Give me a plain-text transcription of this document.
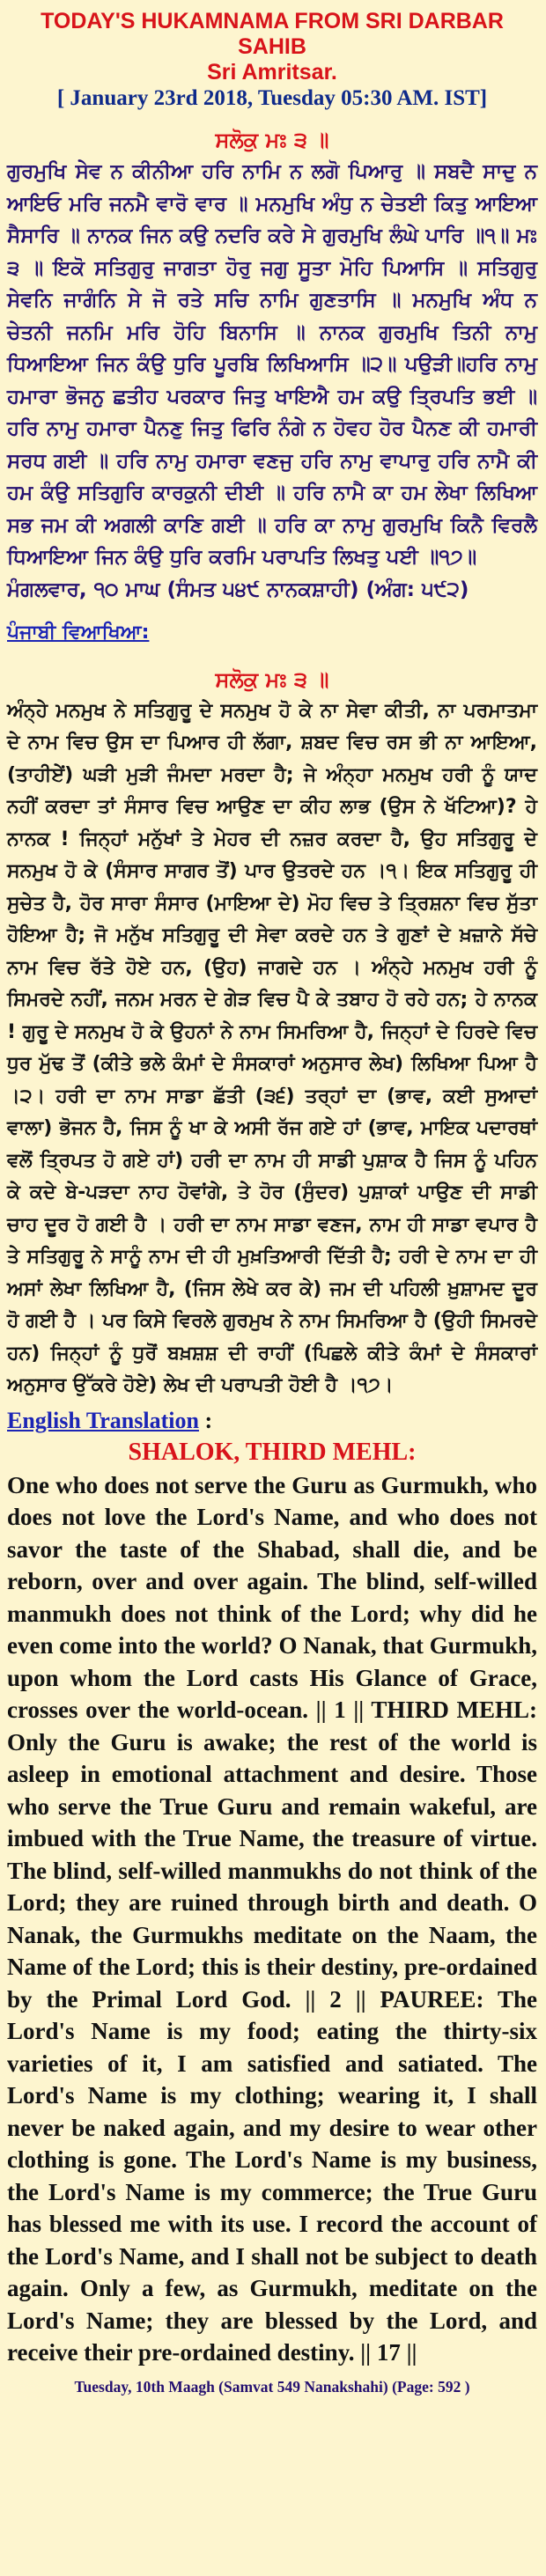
TODAY'S HUKAMNAMA FROM SRI DARBAR SAHIB
Sri Amritsar.
[ January 23rd 2018, Tuesday 05:30 AM. IST]
ਸਲੋਕੁ ਮਃ ੩ ॥
ਗੁਰਮੁਖਿ ਸੇਵ ਨ ਕੀਨੀਆ ਹਰਿ ਨਾਮਿ ਨ ਲਗੋ ਪਿਆਰੁ ॥ ਸਬਦੈ ਸਾਦੁ ਨ ਆਇਓ ਮਰਿ ਜਨਮੈ ਵਾਰੋ ਵਾਰ ॥ ਮਨਮੁਖਿ ਅੰਧੁ ਨ ਚੇਤਈ ਕਿਤੁ ਆਇਆ ਸੈਸਾਰਿ ॥ ਨਾਨਕ ਜਿਨ ਕਉ ਨਦਰਿ ਕਰੇ ਸੇ ਗੁਰਮੁਖਿ ਲੰਘੇ ਪਾਰਿ ॥੧॥ ਮਃ ੩ ॥ ਇਕੋ ਸਤਿਗੁਰੁ ਜਾਗਤਾ ਹੋਰੁ ਜਗੁ ਸੂਤਾ ਮੋਹਿ ਪਿਆਸਿ ॥ ਸਤਿਗੁਰੁ ਸੇਵਨਿ ਜਾਗੰਨਿ ਸੇ ਜੋ ਰਤੇ ਸਚਿ ਨਾਮਿ ਗੁਣਤਾਸਿ ॥ ਮਨਮੁਖਿ ਅੰਧ ਨ ਚੇਤਨੀ ਜਨਮਿ ਮਰਿ ਹੋਹਿ ਬਿਨਾਸਿ ॥ ਨਾਨਕ ਗੁਰਮੁਖਿ ਤਿਨੀ ਨਾਮੁ ਧਿਆਇਆ ਜਿਨ ਕੰਉ ਧੁਰਿ ਪੂਰਬਿ ਲਿਖਿਆਸਿ ॥੨॥ ਪਉੜੀ॥ਹਰਿ ਨਾਮੁ ਹਮਾਰਾ ਭੋਜਨੁ ਛਤੀਹ ਪਰਕਾਰ ਜਿਤੁ ਖਾਇਐ ਹਮ ਕਉ ਤ੍ਰਿਪਤਿ ਭਈ ॥ ਹਰਿ ਨਾਮੁ ਹਮਾਰਾ ਪੈਨਣੁ ਜਿਤੁ ਫਿਰਿ ਨੰਗੇ ਨ ਹੋਵਹ ਹੋਰ ਪੈਨਣ ਕੀ ਹਮਾਰੀ ਸਰਧ ਗਈ ॥ ਹਰਿ ਨਾਮੁ ਹਮਾਰਾ ਵਣਜੁ ਹਰਿ ਨਾਮੁ ਵਾਪਾਰੁ ਹਰਿ ਨਾਮੈ ਕੀ ਹਮ ਕੰਉ ਸਤਿਗੁਰਿ ਕਾਰਕੁਨੀ ਦੀਈ ॥ ਹਰਿ ਨਾਮੈ ਕਾ ਹਮ ਲੇਖਾ ਲਿਖਿਆ ਸਭ ਜਮ ਕੀ ਅਗਲੀ ਕਾਣਿ ਗਈ ॥ ਹਰਿ ਕਾ ਨਾਮੁ ਗੁਰਮੁਖਿ ਕਿਨੈ ਵਿਰਲੈ ਧਿਆਇਆ ਜਿਨ ਕੰਉ ਧੁਰਿ ਕਰਮਿ ਪਰਾਪਤਿ ਲਿਖਤੁ ਪਈ ॥੧੭॥
ਮੰਗਲਵਾਰ, ੧੦ ਮਾਘ (ਸੰਮਤ ੫੪੯ ਨਾਨਕਸ਼ਾਹੀ) (ਅੰਗ: ੫੯੨)
ਪੰਜਾਬੀ ਵਿਆਖਿਆ:
ਸਲੋਕੁ ਮਃ ੩ ॥
ਅੰਨ੍ਹੇ ਮਨਮੁਖ ਨੇ ਸਤਿਗੁਰੂ ਦੇ ਸਨਮੁਖ ਹੋ ਕੇ ਨਾ ਸੇਵਾ ਕੀਤੀ, ਨਾ ਪਰਮਾਤਮਾ ਦੇ ਨਾਮ ਵਿਚ ਉਸ ਦਾ ਪਿਆਰ ਹੀ ਲੱਗਾ, ਸ਼ਬਦ ਵਿਚ ਰਸ ਭੀ ਨਾ ਆਇਆ, (ਤਾਹੀਏਂ) ਘੜੀ ਮੁੜੀ ਜੰਮਦਾ ਮਰਦਾ ਹੈ; ਜੇ ਅੰਨ੍ਹਾ ਮਨਮੁਖ ਹਰੀ ਨੂੰ ਯਾਦ ਨਹੀਂ ਕਰਦਾ ਤਾਂ ਸੰਸਾਰ ਵਿਚ ਆਉਣ ਦਾ ਕੀਹ ਲਾਭ (ਉਸ ਨੇ ਖੱਟਿਆ)? ਹੇ ਨਾਨਕ ! ਜਿਨ੍ਹਾਂ ਮਨੁੱਖਾਂ ਤੇ ਮੇਹਰ ਦੀ ਨਜ਼ਰ ਕਰਦਾ ਹੈ, ਉਹ ਸਤਿਗੁਰੂ ਦੇ ਸਨਮੁਖ ਹੋ ਕੇ (ਸੰਸਾਰ ਸਾਗਰ ਤੋਂ) ਪਾਰ ਉਤਰਦੇ ਹਨ ।੧। ਇਕ ਸਤਿਗੁਰੂ ਹੀ ਸੁਚੇਤ ਹੈ, ਹੋਰ ਸਾਰਾ ਸੰਸਾਰ (ਮਾਇਆ ਦੇ) ਮੋਹ ਵਿਚ ਤੇ ਤ੍ਰਿਸ਼ਨਾ ਵਿਚ ਸੁੱਤਾ ਹੋਇਆ ਹੈ; ਜੋ ਮਨੁੱਖ ਸਤਿਗੁਰੂ ਦੀ ਸੇਵਾ ਕਰਦੇ ਹਨ ਤੇ ਗੁਣਾਂ ਦੇ ਖ਼ਜ਼ਾਨੇ ਸੱਚੇ ਨਾਮ ਵਿਚ ਰੱਤੇ ਹੋਏ ਹਨ, (ਉਹ) ਜਾਗਦੇ ਹਨ । ਅੰਨ੍ਹੇ ਮਨਮੁਖ ਹਰੀ ਨੂੰ ਸਿਮਰਦੇ ਨਹੀਂ, ਜਨਮ ਮਰਨ ਦੇ ਗੇੜ ਵਿਚ ਪੈ ਕੇ ਤਬਾਹ ਹੋ ਰਹੇ ਹਨ; ਹੇ ਨਾਨਕ ! ਗੁਰੂ ਦੇ ਸਨਮੁਖ ਹੋ ਕੇ ਉਹਨਾਂ ਨੇ ਨਾਮ ਸਿਮਰਿਆ ਹੈ, ਜਿਨ੍ਹਾਂ ਦੇ ਹਿਰਦੇ ਵਿਚ ਧੁਰ ਮੁੱਢ ਤੋਂ (ਕੀਤੇ ਭਲੇ ਕੰਮਾਂ ਦੇ ਸੰਸਕਾਰਾਂ ਅਨੁਸਾਰ ਲੇਖ) ਲਿਖਿਆ ਪਿਆ ਹੈ ।੨। ਹਰੀ ਦਾ ਨਾਮ ਸਾਡਾ ਛੱਤੀ (੩੬) ਤਰ੍ਹਾਂ ਦਾ (ਭਾਵ, ਕਈ ਸੁਆਦਾਂ ਵਾਲਾ) ਭੋਜਨ ਹੈ, ਜਿਸ ਨੂੰ ਖਾ ਕੇ ਅਸੀ ਰੱਜ ਗਏ ਹਾਂ (ਭਾਵ, ਮਾਇਕ ਪਦਾਰਥਾਂ ਵਲੋਂ ਤ੍ਰਿਪਤ ਹੋ ਗਏ ਹਾਂ) ਹਰੀ ਦਾ ਨਾਮ ਹੀ ਸਾਡੀ ਪੁਸ਼ਾਕ ਹੈ ਜਿਸ ਨੂੰ ਪਹਿਨ ਕੇ ਕਦੇ ਬੇ-ਪੜਦਾ ਨਾਹ ਹੋਵਾਂਗੇ, ਤੇ ਹੋਰ (ਸੁੰਦਰ) ਪੁਸ਼ਾਕਾਂ ਪਾਉਣ ਦੀ ਸਾਡੀ ਚਾਹ ਦੂਰ ਹੋ ਗਈ ਹੈ । ਹਰੀ ਦਾ ਨਾਮ ਸਾਡਾ ਵਣਜ, ਨਾਮ ਹੀ ਸਾਡਾ ਵਪਾਰ ਹੈ ਤੇ ਸਤਿਗੁਰੂ ਨੇ ਸਾਨੂੰ ਨਾਮ ਦੀ ਹੀ ਮੁਖ਼ਤਿਆਰੀ ਦਿੱਤੀ ਹੈ; ਹਰੀ ਦੇ ਨਾਮ ਦਾ ਹੀ ਅਸਾਂ ਲੇਖਾ ਲਿਖਿਆ ਹੈ, (ਜਿਸ ਲੇਖੇ ਕਰ ਕੇ) ਜਮ ਦੀ ਪਹਿਲੀ ਖ਼ੁਸ਼ਾਮਦ ਦੂਰ ਹੋ ਗਈ ਹੈ । ਪਰ ਕਿਸੇ ਵਿਰਲੇ ਗੁਰਮੁਖ ਨੇ ਨਾਮ ਸਿਮਰਿਆ ਹੈ (ਉਹੀ ਸਿਮਰਦੇ ਹਨ) ਜਿਨ੍ਹਾਂ ਨੂੰ ਧੁਰੋਂ ਬਖ਼ਸ਼ਸ਼ ਦੀ ਰਾਹੀਂ (ਪਿਛਲੇ ਕੀਤੇ ਕੰਮਾਂ ਦੇ ਸੰਸਕਾਰਾਂ ਅਨੁਸਾਰ ਉੱਕਰੇ ਹੋਏ) ਲੇਖ ਦੀ ਪਰਾਪਤੀ ਹੋਈ ਹੈ ।੧੭।
English Translation :
SHALOK, THIRD MEHL:
One who does not serve the Guru as Gurmukh, who does not love the Lord's Name, and who does not savor the taste of the Shabad, shall die, and be reborn, over and over again. The blind, self-willed manmukh does not think of the Lord; why did he even come into the world? O Nanak, that Gurmukh, upon whom the Lord casts His Glance of Grace, crosses over the world-ocean. || 1 || THIRD MEHL: Only the Guru is awake; the rest of the world is asleep in emotional attachment and desire. Those who serve the True Guru and remain wakeful, are imbued with the True Name, the treasure of virtue. The blind, self-willed manmukhs do not think of the Lord; they are ruined through birth and death. O Nanak, the Gurmukhs meditate on the Naam, the Name of the Lord; this is their destiny, pre-ordained by the Primal Lord God. || 2 || PAUREE: The Lord's Name is my food; eating the thirty-six varieties of it, I am satisfied and satiated. The Lord's Name is my clothing; wearing it, I shall never be naked again, and my desire to wear other clothing is gone. The Lord's Name is my business, the Lord's Name is my commerce; the True Guru has blessed me with its use. I record the account of the Lord's Name, and I shall not be subject to death again. Only a few, as Gurmukh, meditate on the Lord's Name; they are blessed by the Lord, and receive their pre-ordained destiny. || 17 ||
Tuesday, 10th Maagh (Samvat 549 Nanakshahi) (Page: 592 )
